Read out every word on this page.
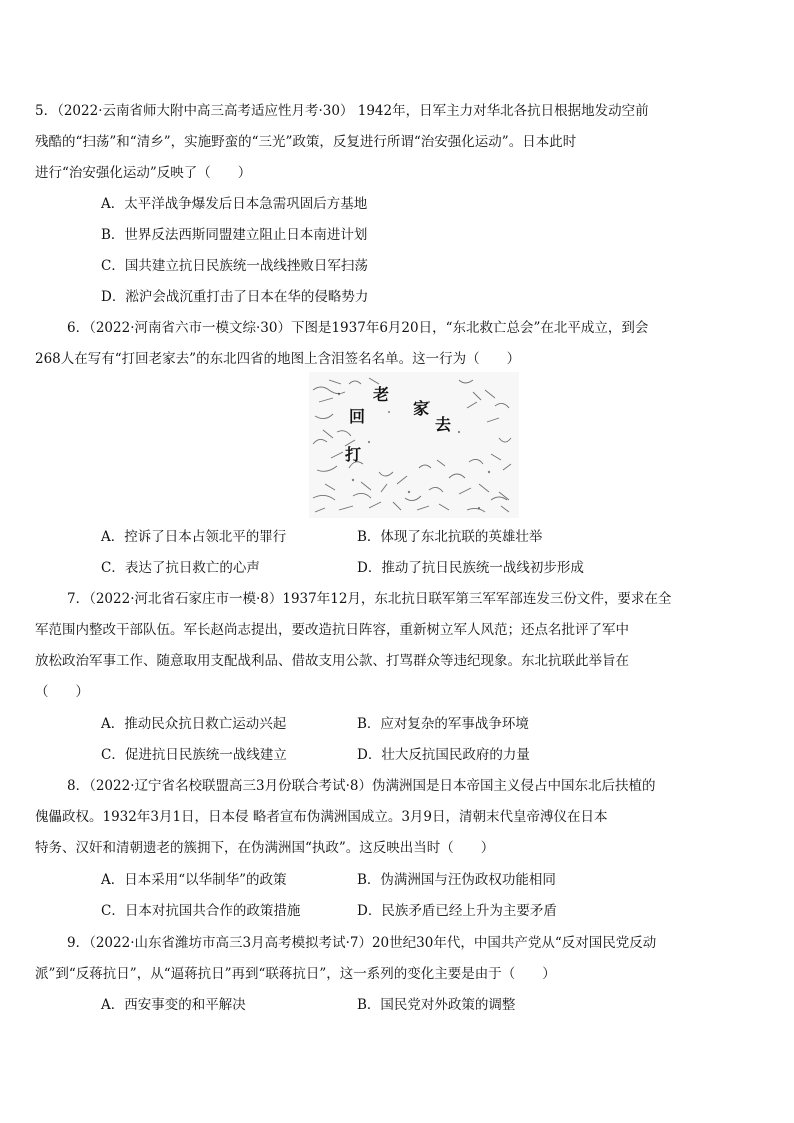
5．（2022·云南省师大附中高三高考适应性月考·30） 1942年，日军主力对华北各抗日根据地发动空前
残酷的“扫荡”和“清乡”，实施野蛮的“三光”政策，反复进行所谓“治安强化运动”。日本此时
进行“治安强化运动”反映了（　　）
A．太平洋战争爆发后日本急需巩固后方基地
B．世界反法西斯同盟建立阻止日本南进计划
C．国共建立抗日民族统一战线挫败日军扫荡
D．淞沪会战沉重打击了日本在华的侵略势力
6．（2022·河南省六市一模文综·30）下图是1937年6月20日，“东北救亡总会”在北平成立，到会
268人在写有“打回老家去”的东北四省的地图上含泪签名名单。这一行为（　　）
老
家
回	去
打
A．控诉了日本占领北平的罪行	B．体现了东北抗联的英雄壮举
C．表达了抗日救亡的心声	D．推动了抗日民族统一战线初步形成
7．（2022·河北省石家庄市一模·8）1937年12月，东北抗日联军第三军军部连发三份文件，要求在全
军范围内整改干部队伍。军长赵尚志提出，要改造抗日阵容，重新树立军人风范；还点名批评了军中
放松政治军事工作、随意取用支配战利品、借故支用公款、打骂群众等违纪现象。东北抗联此举旨在
（　　）
A．推动民众抗日救亡运动兴起	B．应对复杂的军事战争环境
C．促进抗日民族统一战线建立	D．壮大反抗国民政府的力量
8．（2022·辽宁省名校联盟高三3月份联合考试·8）伪满洲国是日本帝国主义侵占中国东北后扶植的
傀儡政权。1932年3月1日，日本侵 略者宣布伪满洲国成立。3月9日，清朝末代皇帝溥仪在日本
特务、汉奸和清朝遗老的簇拥下，在伪满洲国“执政”。这反映出当时（　　）
A．日本采用“以华制华”的政策	B．伪满洲国与汪伪政权功能相同
C．日本对抗国共合作的政策措施	D．民族矛盾已经上升为主要矛盾
9．（2022·山东省潍坊市高三3月高考模拟考试·7）20世纪30年代，中国共产党从“反对国民党反动
派”到“反蒋抗日”，从“逼蒋抗日”再到“联蒋抗日”，这一系列的变化主要是由于（　　）
A．西安事变的和平解决	B．国民党对外政策的调整
